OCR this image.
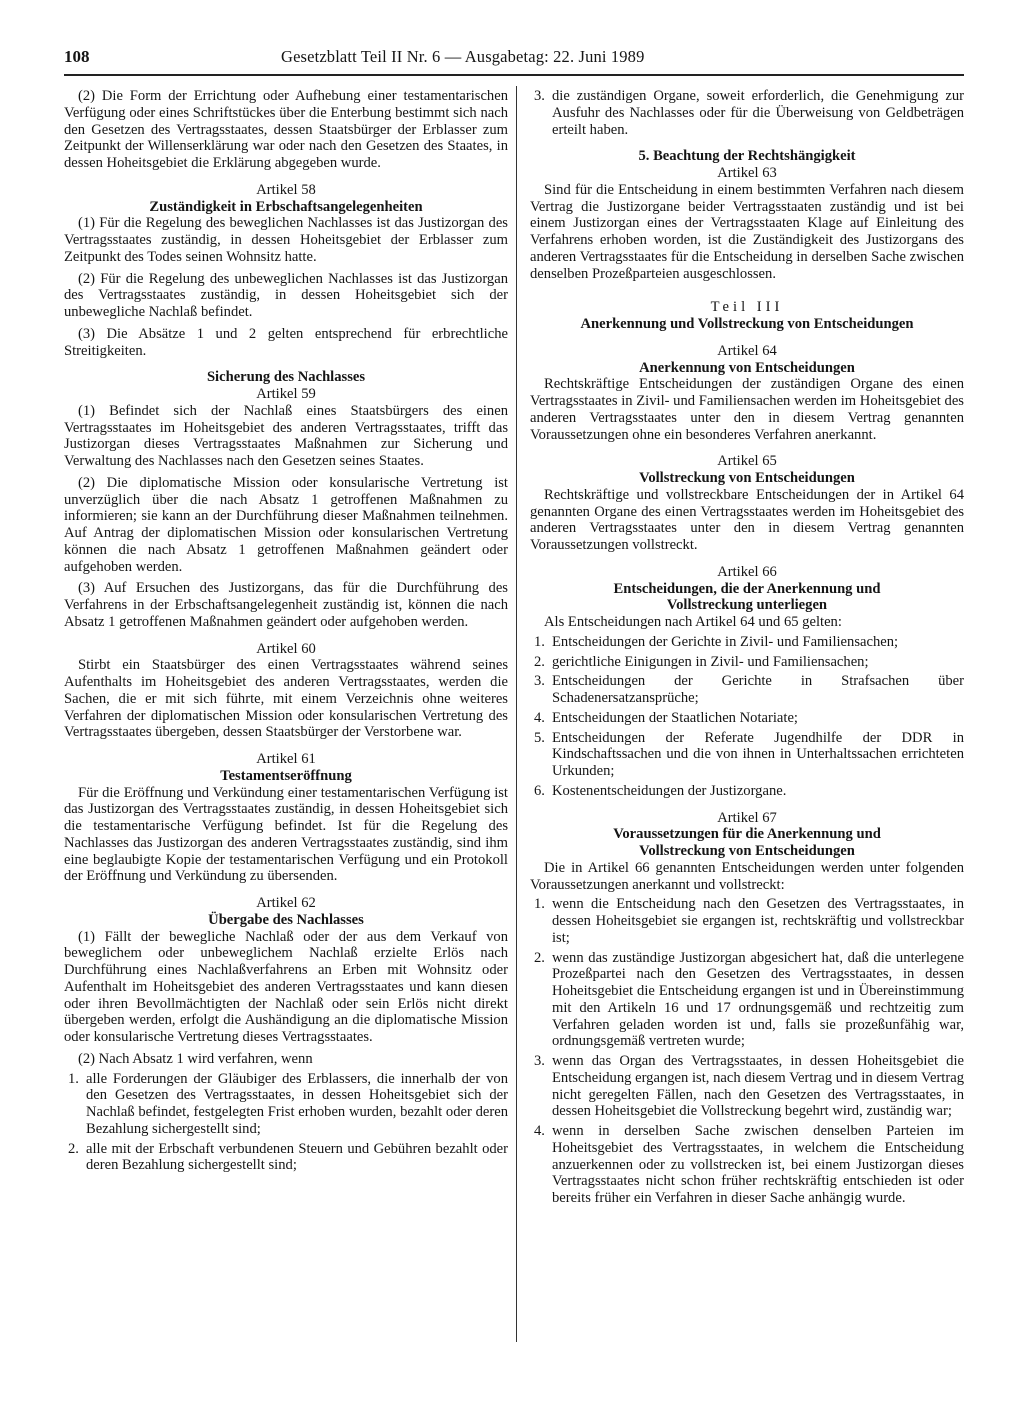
108	Gesetzblatt Teil II Nr. 6 — Ausgabetag: 22. Juni 1989

(2) Die Form der Errichtung oder Aufhebung einer testamentarischen Verfügung oder eines Schriftstückes über die Enterbung bestimmt sich nach den Gesetzen des Vertragsstaates, dessen Staatsbürger der Erblasser zum Zeitpunkt der Willenserklärung war oder nach den Gesetzen des Staates, in dessen Hoheitsgebiet die Erklärung abgegeben wurde.

Artikel 58

Zuständigkeit in Erbschaftsangelegenheiten

(1) Für die Regelung des beweglichen Nachlasses ist das Justizorgan des Vertragsstaates zuständig, in dessen Hoheitsgebiet der Erblasser zum Zeitpunkt des Todes seinen Wohnsitz hatte.

(2) Für die Regelung des unbeweglichen Nachlasses ist das Justizorgan des Vertragsstaates zuständig, in dessen Hoheitsgebiet sich der unbewegliche Nachlaß befindet.

(3) Die Absätze 1 und 2 gelten entsprechend für erbrechtliche Streitigkeiten.

Sicherung des Nachlasses

Artikel 59

(1) Befindet sich der Nachlaß eines Staatsbürgers des einen Vertragsstaates im Hoheitsgebiet des anderen Vertragsstaates, trifft das Justizorgan dieses Vertragsstaates Maßnahmen zur Sicherung und Verwaltung des Nachlasses nach den Gesetzen seines Staates.

(2) Die diplomatische Mission oder konsularische Vertretung ist unverzüglich über die nach Absatz 1 getroffenen Maßnahmen zu informieren; sie kann an der Durchführung dieser Maßnahmen teilnehmen. Auf Antrag der diplomatischen Mission oder konsularischen Vertretung können die nach Absatz 1 getroffenen Maßnahmen geändert oder aufgehoben werden.

(3) Auf Ersuchen des Justizorgans, das für die Durchführung des Verfahrens in der Erbschaftsangelegenheit zuständig ist, können die nach Absatz 1 getroffenen Maßnahmen geändert oder aufgehoben werden.

Artikel 60

Stirbt ein Staatsbürger des einen Vertragsstaates während seines Aufenthalts im Hoheitsgebiet des anderen Vertragsstaates, werden die Sachen, die er mit sich führte, mit einem Verzeichnis ohne weiteres Verfahren der diplomatischen Mission oder konsularischen Vertretung des Vertragsstaates übergeben, dessen Staatsbürger der Verstorbene war.

Artikel 61

Testamentseröffnung

Für die Eröffnung und Verkündung einer testamentarischen Verfügung ist das Justizorgan des Vertragsstaates zuständig, in dessen Hoheitsgebiet sich die testamentarische Verfügung befindet. Ist für die Regelung des Nachlasses das Justizorgan des anderen Vertragsstaates zuständig, sind ihm eine beglaubigte Kopie der testamentarischen Verfügung und ein Protokoll der Eröffnung und Verkündung zu übersenden.

Artikel 62

Übergabe des Nachlasses

(1) Fällt der bewegliche Nachlaß oder der aus dem Verkauf von beweglichem oder unbeweglichem Nachlaß erzielte Erlös nach Durchführung eines Nachlaßverfahrens an Erben mit Wohnsitz oder Aufenthalt im Hoheitsgebiet des anderen Vertragsstaates und kann diesen oder ihren Bevollmächtigten der Nachlaß oder sein Erlös nicht direkt übergeben werden, erfolgt die Aushändigung an die diplomatische Mission oder konsularische Vertretung dieses Vertragsstaates.

(2) Nach Absatz 1 wird verfahren, wenn

1. alle Forderungen der Gläubiger des Erblassers, die innerhalb der von den Gesetzen des Vertragsstaates, in dessen Hoheitsgebiet sich der Nachlaß befindet, festgelegten Frist erhoben wurden, bezahlt oder deren Bezahlung sichergestellt sind;
2. alle mit der Erbschaft verbundenen Steuern und Gebühren bezahlt oder deren Bezahlung sichergestellt sind;
3. die zuständigen Organe, soweit erforderlich, die Genehmigung zur Ausfuhr des Nachlasses oder für die Überweisung von Geldbeträgen erteilt haben.

5. Beachtung der Rechtshängigkeit

Artikel 63

Sind für die Entscheidung in einem bestimmten Verfahren nach diesem Vertrag die Justizorgane beider Vertragsstaaten zuständig und ist bei einem Justizorgan eines der Vertragsstaaten Klage auf Einleitung des Verfahrens erhoben worden, ist die Zuständigkeit des Justizorgans des anderen Vertragsstaates für die Entscheidung in derselben Sache zwischen denselben Prozeßparteien ausgeschlossen.

Teil III

Anerkennung und Vollstreckung von Entscheidungen

Artikel 64

Anerkennung von Entscheidungen

Rechtskräftige Entscheidungen der zuständigen Organe des einen Vertragsstaates in Zivil- und Familiensachen werden im Hoheitsgebiet des anderen Vertragsstaates unter den in diesem Vertrag genannten Voraussetzungen ohne ein besonderes Verfahren anerkannt.

Artikel 65

Vollstreckung von Entscheidungen

Rechtskräftige und vollstreckbare Entscheidungen der in Artikel 64 genannten Organe des einen Vertragsstaates werden im Hoheitsgebiet des anderen Vertragsstaates unter den in diesem Vertrag genannten Voraussetzungen vollstreckt.

Artikel 66

Entscheidungen, die der Anerkennung und

Vollstreckung unterliegen

Als Entscheidungen nach Artikel 64 und 65 gelten:

1. Entscheidungen der Gerichte in Zivil- und Familiensachen;
2. gerichtliche Einigungen in Zivil- und Familiensachen;
3. Entscheidungen der Gerichte in Strafsachen über Schadenersatzansprüche;
4. Entscheidungen der Staatlichen Notariate;
5. Entscheidungen der Referate Jugendhilfe der DDR in Kindschaftssachen und die von ihnen in Unterhaltssachen errichteten Urkunden;
6. Kostenentscheidungen der Justizorgane.

Artikel 67

Voraussetzungen für die Anerkennung und

Vollstreckung von Entscheidungen

Die in Artikel 66 genannten Entscheidungen werden unter folgenden Voraussetzungen anerkannt und vollstreckt:

1. wenn die Entscheidung nach den Gesetzen des Vertragsstaates, in dessen Hoheitsgebiet sie ergangen ist, rechtskräftig und vollstreckbar ist;
2. wenn das zuständige Justizorgan abgesichert hat, daß die unterlegene Prozeßpartei nach den Gesetzen des Vertragsstaates, in dessen Hoheitsgebiet die Entscheidung ergangen ist und in Übereinstimmung mit den Artikeln 16 und 17 ordnungsgemäß und rechtzeitig zum Verfahren geladen worden ist und, falls sie prozeßunfähig war, ordnungsgemäß vertreten wurde;
3. wenn das Organ des Vertragsstaates, in dessen Hoheitsgebiet die Entscheidung ergangen ist, nach diesem Vertrag und in diesem Vertrag nicht geregelten Fällen, nach den Gesetzen des Vertragsstaates, in dessen Hoheitsgebiet die Vollstreckung begehrt wird, zuständig war;
4. wenn in derselben Sache zwischen denselben Parteien im Hoheitsgebiet des Vertragsstaates, in welchem die Entscheidung anzuerkennen oder zu vollstrecken ist, bei einem Justizorgan dieses Vertragsstaates nicht schon früher rechtskräftig entschieden ist oder bereits früher ein Verfahren in dieser Sache anhängig wurde.
